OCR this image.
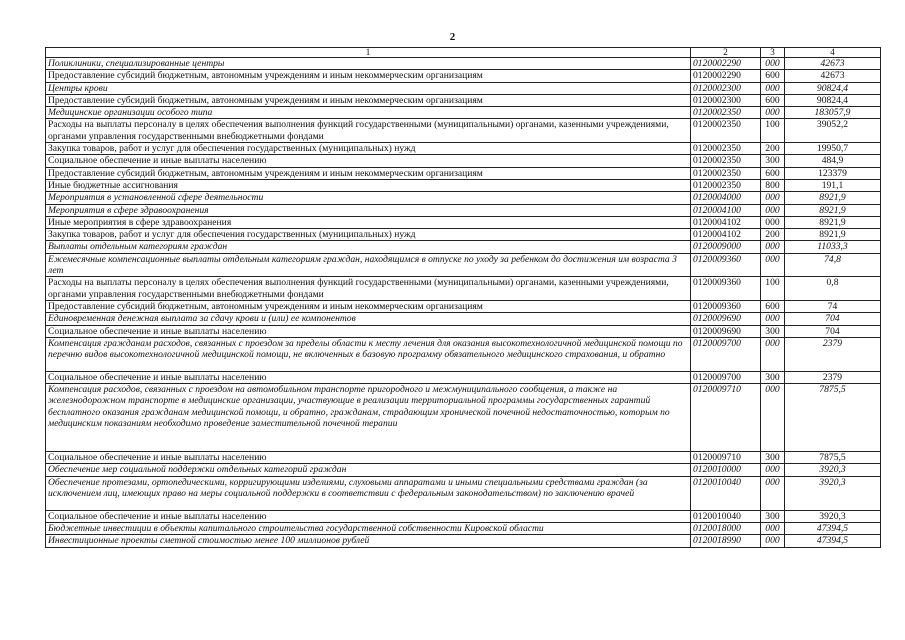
2
1	2	3	4
Поликлиники, специализированные центры	0120002290	000	42673
Предоставление субсидий бюджетным, автономным учреждениям и иным некоммерческим организациям	0120002290	600	42673
Центры крови	0120002300	000	90824,4
Предоставление субсидий бюджетным, автономным учреждениям и иным некоммерческим организациям	0120002300	600	90824,4
Медицинские организации особого типа	0120002350	000	183057,9
Расходы на выплаты персоналу в целях обеспечения выполнения функций государственными (муниципальными) органами, казенными учреждениями, органами управления государственными внебюджетными фондами	0120002350	100	39052,2
Закупка товаров, работ и услуг для обеспечения государственных (муниципальных) нужд	0120002350	200	19950,7
Социальное обеспечение и иные выплаты населению	0120002350	300	484,9
Предоставление субсидий бюджетным, автономным учреждениям и иным некоммерческим организациям	0120002350	600	123379
Иные бюджетные ассигнования	0120002350	800	191,1
Мероприятия в установленной сфере деятельности	0120004000	000	8921,9
Мероприятия в сфере здравоохранения	0120004100	000	8921,9
Иные мероприятия в сфере здравоохранения	0120004102	000	8921,9
Закупка товаров, работ и услуг для обеспечения государственных (муниципальных) нужд	0120004102	200	8921,9
Выплаты отдельным категориям граждан	0120009000	000	11033,3
Ежемесячные компенсационные выплаты отдельным категориям граждан, находящимся в отпуске по уходу за ребенком до достижения им возраста 3 лет	0120009360	000	74,8
Расходы на выплаты персоналу в целях обеспечения выполнения функций государственными (муниципальными) органами, казенными учреждениями, органами управления государственными внебюджетными фондами	0120009360	100	0,8
Предоставление субсидий бюджетным, автономным учреждениям и иным некоммерческим организациям	0120009360	600	74
Единовременная денежная выплата за сдачу крови и (или) ее компонентов	0120009690	000	704
Социальное обеспечение и иные выплаты населению	0120009690	300	704
Компенсация гражданам расходов, связанных с проездом за пределы области к месту лечения для оказания высокотехнологичной медицинской помощи по перечню видов высокотехнологичной медицинской помощи, не включенных в базовую программу обязательного медицинского страхования, и обратно	0120009700	000	2379
Социальное обеспечение и иные выплаты населению	0120009700	300	2379
Компенсация расходов, связанных с проездом на автомобильном транспорте пригородного и межмуниципального сообщения, а также на железнодорожном транспорте в медицинские организации, участвующие в реализации территориальной программы государственных гарантий бесплатного оказания гражданам медицинской помощи, и обратно, гражданам, страдающим хронической почечной недостаточностью, которым по медицинским показаниям необходимо проведение заместительной почечной терапии	0120009710	000	7875,5
Социальное обеспечение и иные выплаты населению	0120009710	300	7875,5
Обеспечение мер социальной поддержки отдельных категорий граждан	0120010000	000	3920,3
Обеспечение протезами, ортопедическими, корригирующими изделиями, слуховыми аппаратами и иными специальными средствами граждан (за исключением лиц, имеющих право на меры социальной поддержки в соответствии с федеральным законодательством) по заключению врачей	0120010040	000	3920,3
Социальное обеспечение и иные выплаты населению	0120010040	300	3920,3
Бюджетные инвестиции в объекты капитального строительства государственной собственности Кировской области	0120018000	000	47394,5
Инвестиционные проекты сметной стоимостью менее 100 миллионов рублей	0120018990	000	47394,5
